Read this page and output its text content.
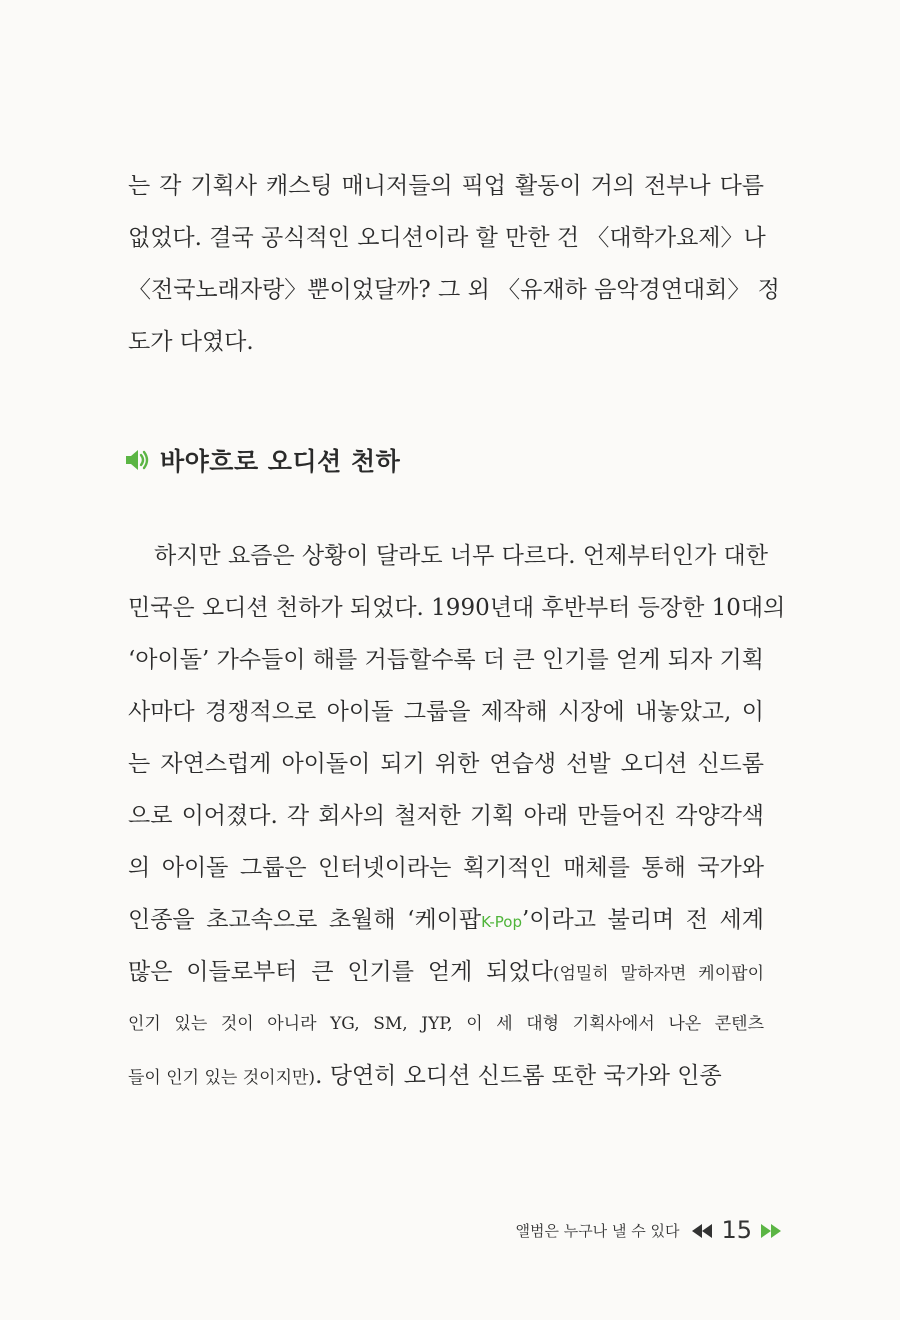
는 각 기획사 캐스팅 매니저들의 픽업 활동이 거의 전부나 다름
없었다. 결국 공식적인 오디션이라 할 만한 건 〈대학가요제〉나
〈전국노래자랑〉뿐이었달까? 그 외 〈유재하 음악경연대회〉 정
도가 다였다.
바야흐로 오디션 천하
하지만 요즘은 상황이 달라도 너무 다르다. 언제부터인가 대한
민국은 오디션 천하가 되었다. 1990년대 후반부터 등장한 10대의
‘아이돌’ 가수들이 해를 거듭할수록 더 큰 인기를 얻게 되자 기획
사마다 경쟁적으로 아이돌 그룹을 제작해 시장에 내놓았고, 이
는 자연스럽게 아이돌이 되기 위한 연습생 선발 오디션 신드롬
으로 이어졌다. 각 회사의 철저한 기획 아래 만들어진 각양각색
의 아이돌 그룹은 인터넷이라는 획기적인 매체를 통해 국가와
인종을 초고속으로 초월해 ‘케이팝K-Pop’이라고 불리며 전 세계
많은 이들로부터 큰 인기를 얻게 되었다(엄밀히 말하자면 케이팝이
인기 있는 것이 아니라 YG, SM, JYP, 이 세 대형 기획사에서 나온 콘텐츠
들이 인기 있는 것이지만). 당연히 오디션 신드롬 또한 국가와 인종
앨범은 누구나 낼 수 있다 15
